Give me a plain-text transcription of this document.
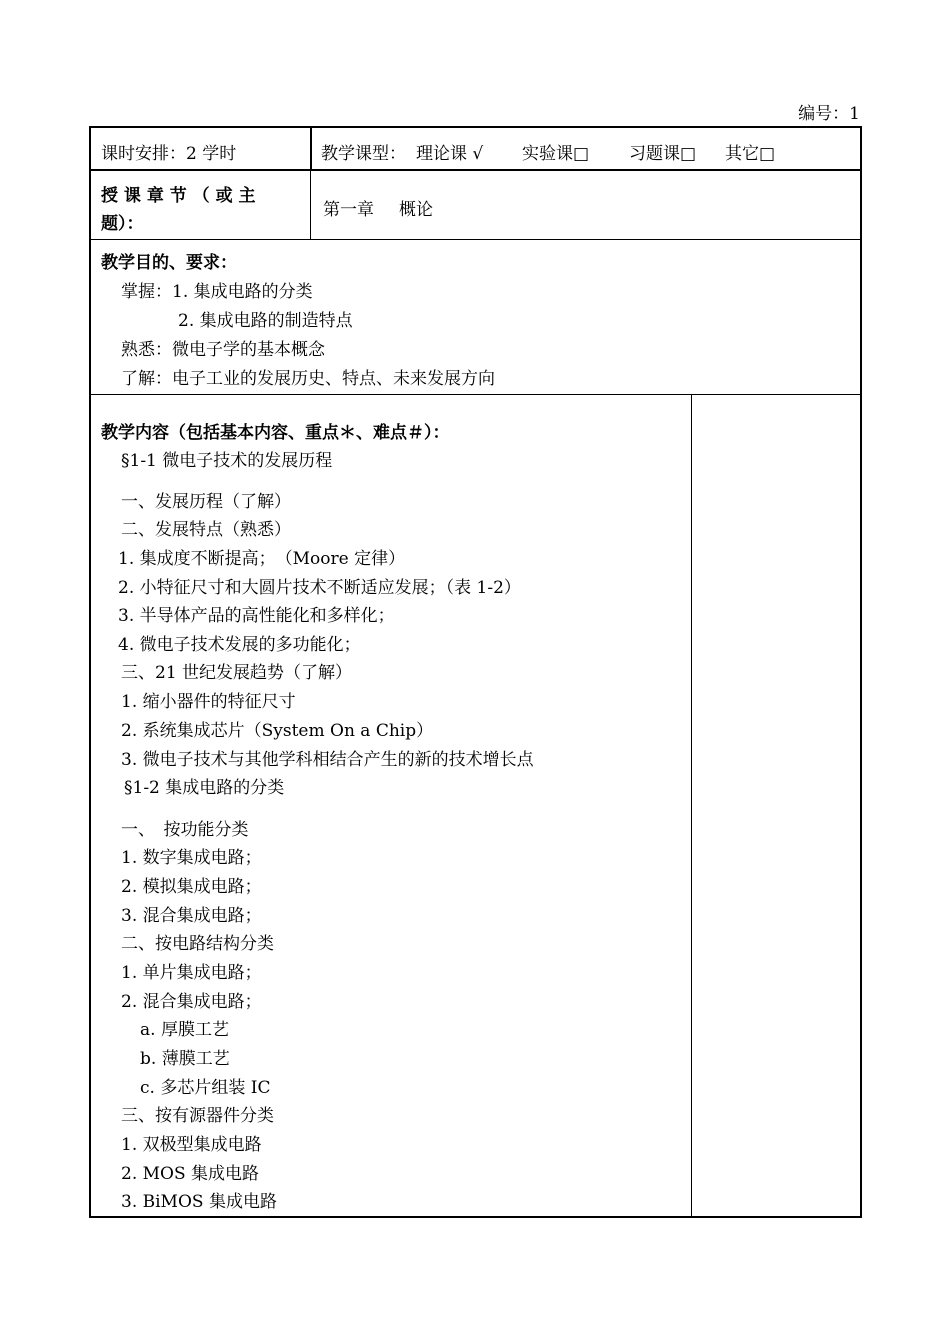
编号：1
课时安排：2 学时	教学课型： 理论课 √ 实验课□ 习题课□ 其它□
授 课 章 节 （ 或 主
题）：
第一章 概论
教学目的、要求：
掌握：1. 集成电路的分类
2. 集成电路的制造特点
熟悉：微电子学的基本概念
了解：电子工业的发展历史、特点、未来发展方向
教学内容（包括基本内容、重点＊、难点＃）：
§1-1 微电子技术的发展历程
一、发展历程（了解）
二、发展特点（熟悉）
1. 集成度不断提高；　（Moore 定律）
2. 小特征尺寸和大圆片技术不断适应发展；（表 1-2）
3. 半导体产品的高性能化和多样化；
4. 微电子技术发展的多功能化；
三、21 世纪发展趋势（了解）
1. 缩小器件的特征尺寸
2. 系统集成芯片（System On a Chip）
3. 微电子技术与其他学科相结合产生的新的技术增长点
§1-2 集成电路的分类
一、　按功能分类
1. 数字集成电路；
2. 模拟集成电路；
3. 混合集成电路；
二、按电路结构分类
1. 单片集成电路；
2. 混合集成电路；
a. 厚膜工艺
b. 薄膜工艺
c. 多芯片组装 IC
三、按有源器件分类
1. 双极型集成电路
2. MOS 集成电路
3. BiMOS 集成电路
